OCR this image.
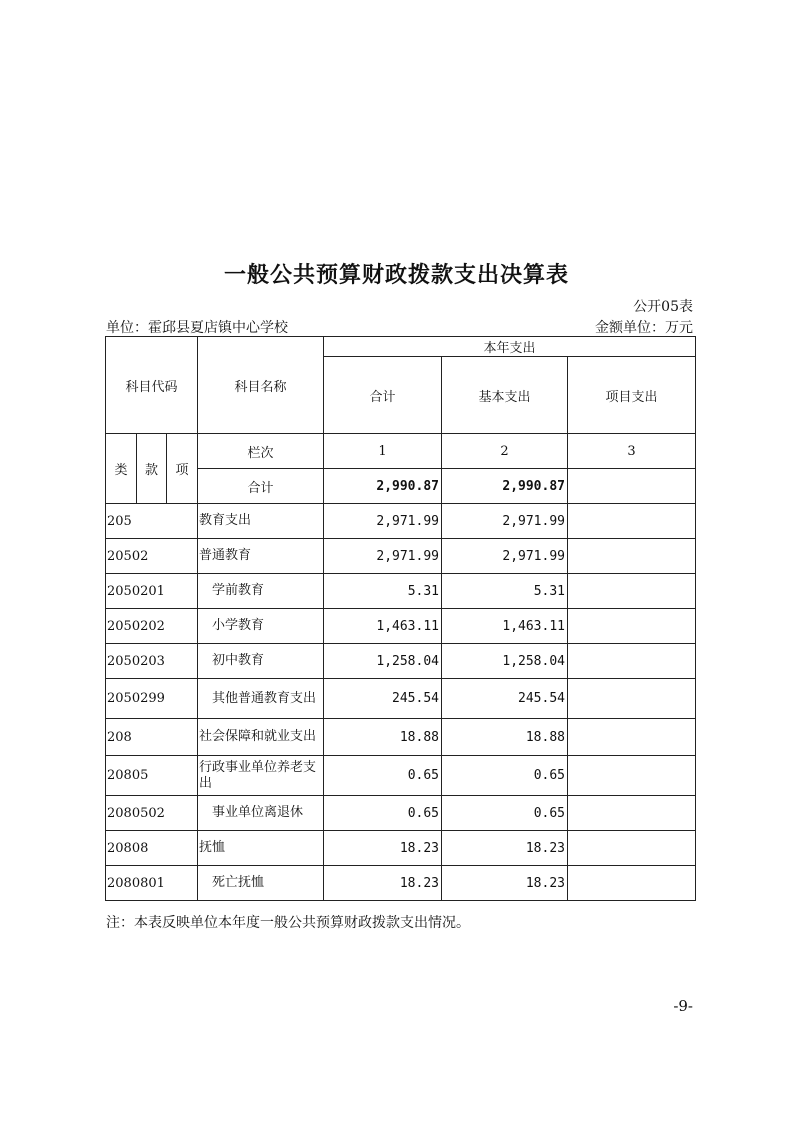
一般公共预算财政拨款支出决算表
公开05表
单位：霍邱县夏店镇中心学校	金额单位：万元
科目代码			科目名称	本年支出		
				合计	基本支出	项目支出
类	款	项	栏次	1	2	3
			合计	2,990.87	2,990.87	
205			教育支出	2,971.99	2,971.99	
20502			普通教育	2,971.99	2,971.99	
2050201			学前教育	5.31	5.31	
2050202			小学教育	1,463.11	1,463.11	
2050203			初中教育	1,258.04	1,258.04	
2050299			其他普通教育支出	245.54	245.54	
208			社会保障和就业支出	18.88	18.88	
20805			行政事业单位养老支出	0.65	0.65	
2080502			事业单位离退休	0.65	0.65	
20808			抚恤	18.23	18.23	
2080801			死亡抚恤	18.23	18.23	
注：本表反映单位本年度一般公共预算财政拨款支出情况。
-9-
